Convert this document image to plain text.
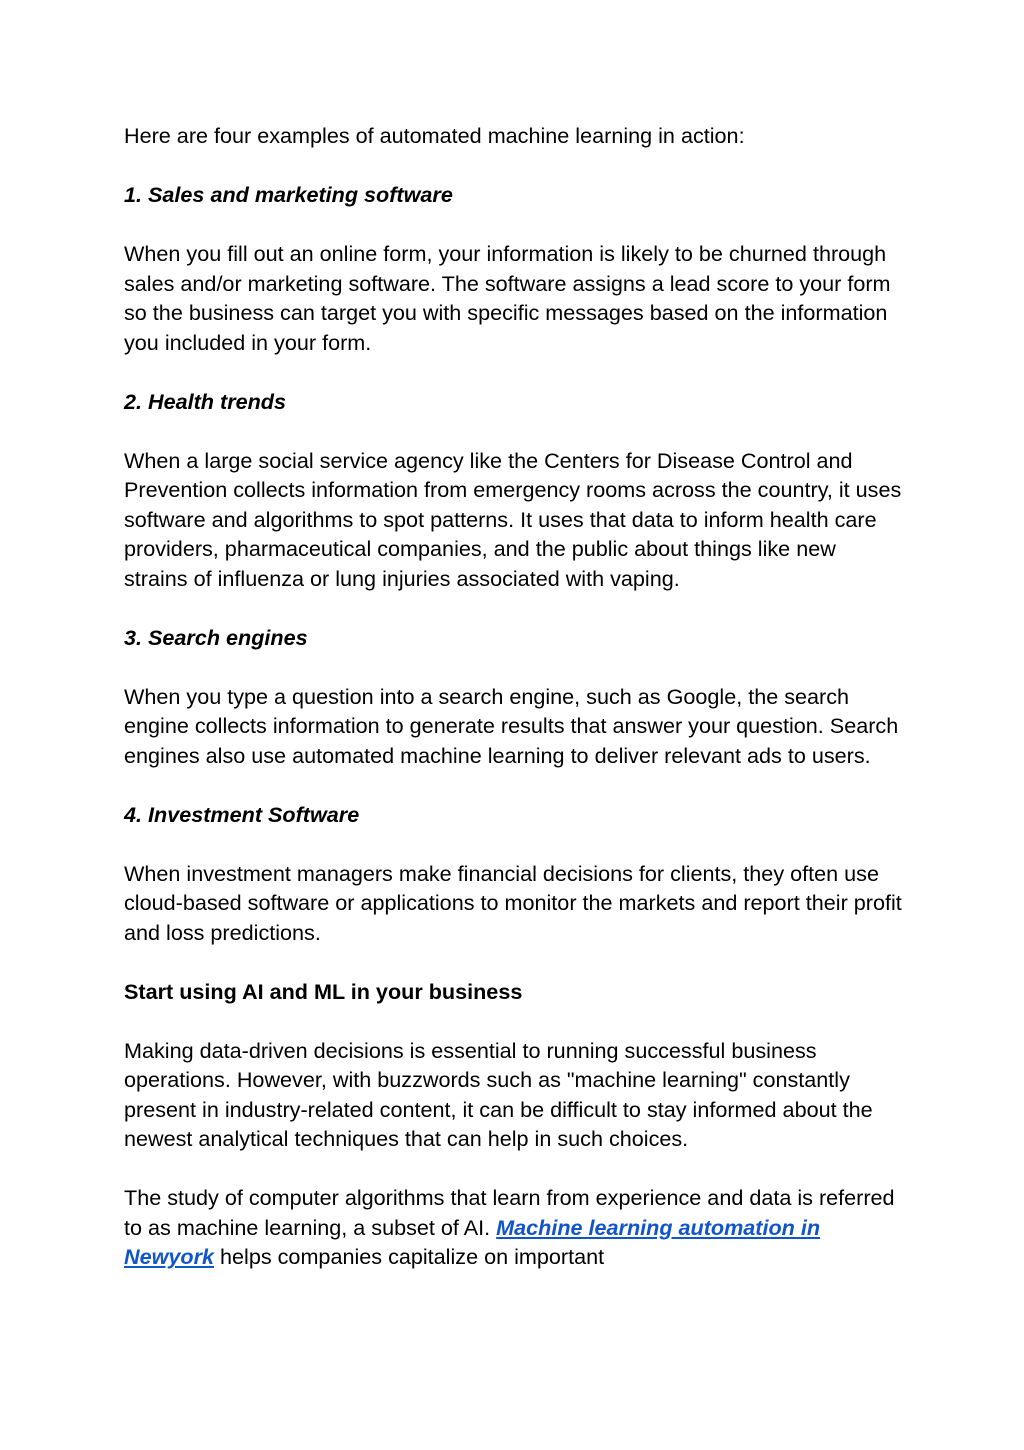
Here are four examples of automated machine learning in action:

1. Sales and marketing software

When you fill out an online form, your information is likely to be churned through sales and/or marketing software. The software assigns a lead score to your form so the business can target you with specific messages based on the information you included in your form.

2. Health trends

When a large social service agency like the Centers for Disease Control and Prevention collects information from emergency rooms across the country, it uses software and algorithms to spot patterns. It uses that data to inform health care providers, pharmaceutical companies, and the public about things like new strains of influenza or lung injuries associated with vaping.

3. Search engines

When you type a question into a search engine, such as Google, the search engine collects information to generate results that answer your question. Search engines also use automated machine learning to deliver relevant ads to users.

4. Investment Software

When investment managers make financial decisions for clients, they often use cloud-based software or applications to monitor the markets and report their profit and loss predictions.

Start using AI and ML in your business

Making data-driven decisions is essential to running successful business operations. However, with buzzwords such as "machine learning" constantly present in industry-related content, it can be difficult to stay informed about the newest analytical techniques that can help in such choices.

The study of computer algorithms that learn from experience and data is referred to as machine learning, a subset of AI. Machine learning automation in Newyork helps companies capitalize on important
